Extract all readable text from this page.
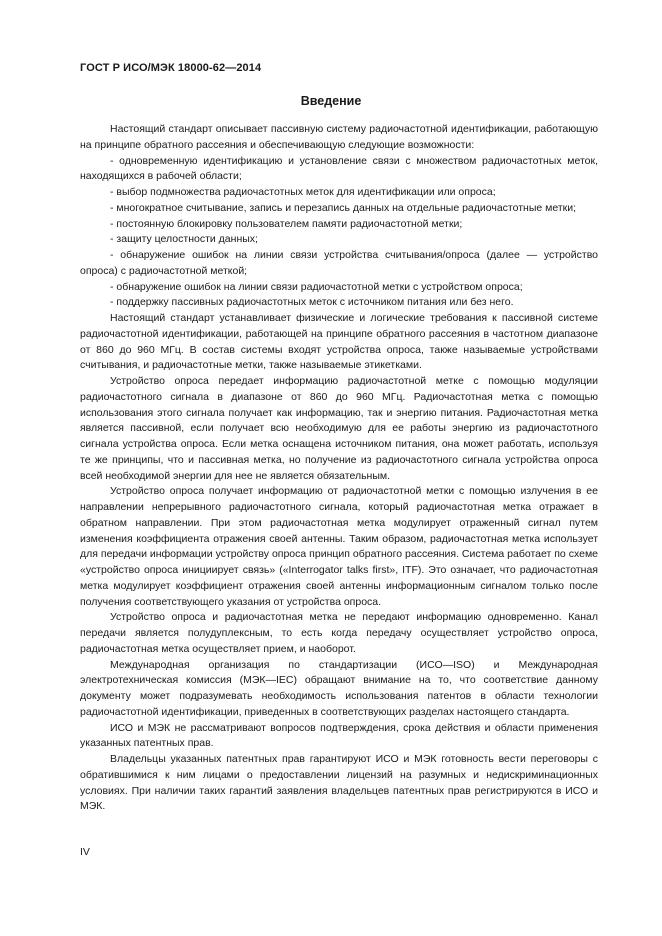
ГОСТ Р ИСО/МЭК 18000-62—2014
Введение

Настоящий стандарт описывает пассивную систему радиочастотной идентификации, работающую на принципе обратного рассеяния и обеспечивающую следующие возможности:

- одновременную идентификацию и установление связи с множеством радиочастотных меток, находящихся в рабочей области;

- выбор подмножества радиочастотных меток для идентификации или опроса;

- многократное считывание, запись и перезапись данных на отдельные радиочастотные метки;

- постоянную блокировку пользователем памяти радиочастотной метки;

- защиту целостности данных;

- обнаружение ошибок на линии связи устройства считывания/опроса (далее — устройство опроса) с радиочастотной меткой;

- обнаружение ошибок на линии связи радиочастотной метки с устройством опроса;

- поддержку пассивных радиочастотных меток с источником питания или без него.

Настоящий стандарт устанавливает физические и логические требования к пассивной системе радиочастотной идентификации, работающей на принципе обратного рассеяния в частотном диапазоне от 860 до 960 МГц. В состав системы входят устройства опроса, также называемые устройствами считывания, и радиочастотные метки, также называемые этикетками.

Устройство опроса передает информацию радиочастотной метке с помощью модуляции радиочастотного сигнала в диапазоне от 860 до 960 МГц. Радиочастотная метка с помощью использования этого сигнала получает как информацию, так и энергию питания. Радиочастотная метка является пассивной, если получает всю необходимую для ее работы энергию из радиочастотного сигнала устройства опроса. Если метка оснащена источником питания, она может работать, используя те же принципы, что и пассивная метка, но получение из радиочастотного сигнала устройства опроса всей необходимой энергии для нее не является обязательным.

Устройство опроса получает информацию от радиочастотной метки с помощью излучения в ее направлении непрерывного радиочастотного сигнала, который радиочастотная метка отражает в обратном направлении. При этом радиочастотная метка модулирует отраженный сигнал путем изменения коэффициента отражения своей антенны. Таким образом, радиочастотная метка использует для передачи информации устройству опроса принцип обратного рассеяния. Система работает по схеме «устройство опроса инициирует связь» («Interrogator talks first», ITF). Это означает, что радиочастотная метка модулирует коэффициент отражения своей антенны информационным сигналом только после получения соответствующего указания от устройства опроса.

Устройство опроса и радиочастотная метка не передают информацию одновременно. Канал передачи является полудуплексным, то есть когда передачу осуществляет устройство опроса, радиочастотная метка осуществляет прием, и наоборот.

Международная организация по стандартизации (ИСО—ISO) и Международная электротехническая комиссия (МЭК—IEC) обращают внимание на то, что соответствие данному документу может подразумевать необходимость использования патентов в области технологии радиочастотной идентификации, приведенных в соответствующих разделах настоящего стандарта.

ИСО и МЭК не рассматривают вопросов подтверждения, срока действия и области применения указанных патентных прав.

Владельцы указанных патентных прав гарантируют ИСО и МЭК готовность вести переговоры с обратившимися к ним лицами о предоставлении лицензий на разумных и недискриминационных условиях. При наличии таких гарантий заявления владельцев патентных прав регистрируются в ИСО и МЭК.

IV
